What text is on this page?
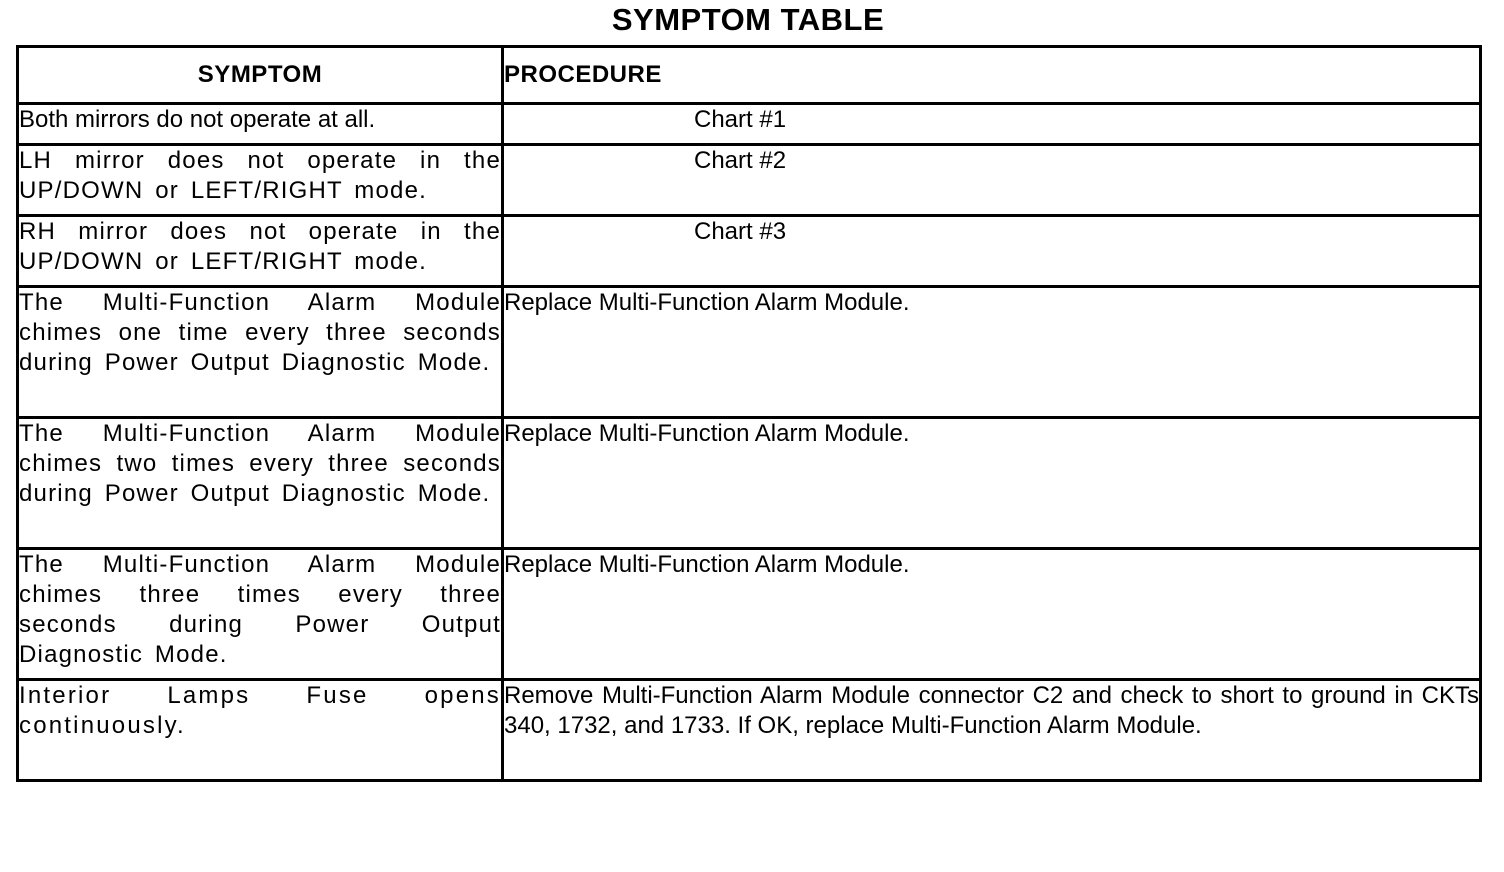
SYMPTOM TABLE
SYMPTOM	PROCEDURE
Both mirrors do not operate at all.	Chart #1
LH mirror does not operate in the UP/DOWN or LEFT/RIGHT mode.	Chart #2
RH mirror does not operate in the UP/DOWN or LEFT/RIGHT mode.	Chart #3
The Multi-Function Alarm Module chimes one time every three seconds during Power Output Diagnostic Mode.	Replace Multi-Function Alarm Module.
The Multi-Function Alarm Module chimes two times every three seconds during Power Output Diagnostic Mode.	Replace Multi-Function Alarm Module.
The Multi-Function Alarm Module chimes three times every three seconds during Power Output Diagnostic Mode.	Replace Multi-Function Alarm Module.
Interior Lamps Fuse opens continuously.	Remove Multi-Function Alarm Module connector C2 and check to short to ground in CKTs 340, 1732, and 1733. If OK, replace Multi-Function Alarm Module.
